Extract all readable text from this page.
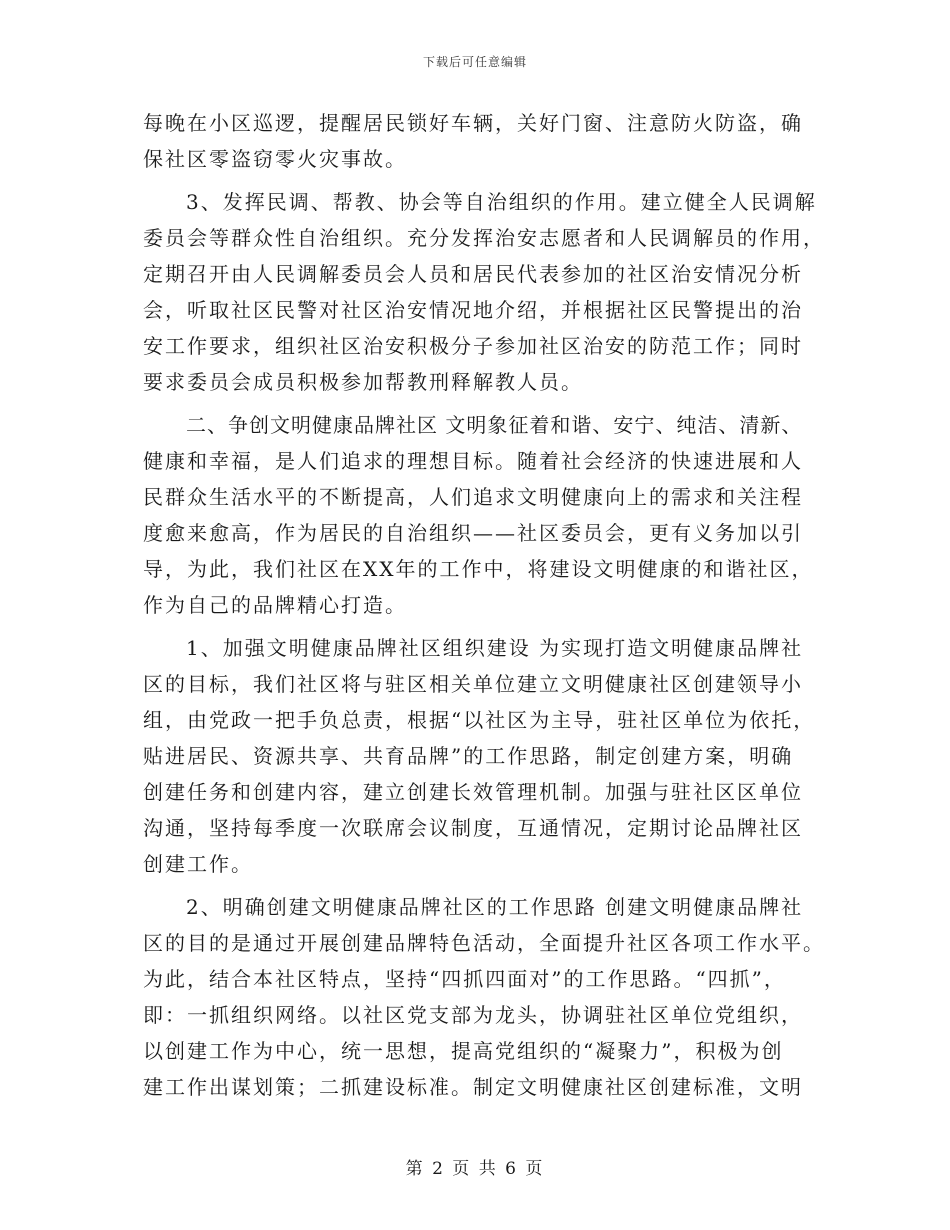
下载后可任意编辑
每晚在小区巡逻，提醒居民锁好车辆，关好门窗、注意防火防盗，确
保社区零盗窃零火灾事故。
3、发挥民调、帮教、协会等自治组织的作用。建立健全人民调解
委员会等群众性自治组织。充分发挥治安志愿者和人民调解员的作用，
定期召开由人民调解委员会人员和居民代表参加的社区治安情况分析
会，听取社区民警对社区治安情况地介绍，并根据社区民警提出的治
安工作要求，组织社区治安积极分子参加社区治安的防范工作；同时
要求委员会成员积极参加帮教刑释解教人员。
二、争创文明健康品牌社区 文明象征着和谐、安宁、纯洁、清新、
健康和幸福，是人们追求的理想目标。随着社会经济的快速进展和人
民群众生活水平的不断提高，人们追求文明健康向上的需求和关注程
度愈来愈高，作为居民的自治组织——社区委员会，更有义务加以引
导，为此，我们社区在XX年的工作中，将建设文明健康的和谐社区，
作为自己的品牌精心打造。
1、加强文明健康品牌社区组织建设 为实现打造文明健康品牌社
区的目标，我们社区将与驻区相关单位建立文明健康社区创建领导小
组，由党政一把手负总责，根据“以社区为主导，驻社区单位为依托，
贴进居民、资源共享、共育品牌”的工作思路，制定创建方案，明确
创建任务和创建内容，建立创建长效管理机制。加强与驻社区区单位
沟通，坚持每季度一次联席会议制度，互通情况，定期讨论品牌社区
创建工作。
2、明确创建文明健康品牌社区的工作思路 创建文明健康品牌社
区的目的是通过开展创建品牌特色活动，全面提升社区各项工作水平。
为此，结合本社区特点，坚持“四抓四面对”的工作思路。“四抓”，
即：一抓组织网络。以社区党支部为龙头，协调驻社区单位党组织，
以创建工作为中心，统一思想，提高党组织的“凝聚力”，积极为创
建工作出谋划策；二抓建设标准。制定文明健康社区创建标准，文明
第 2 页 共 6 页
